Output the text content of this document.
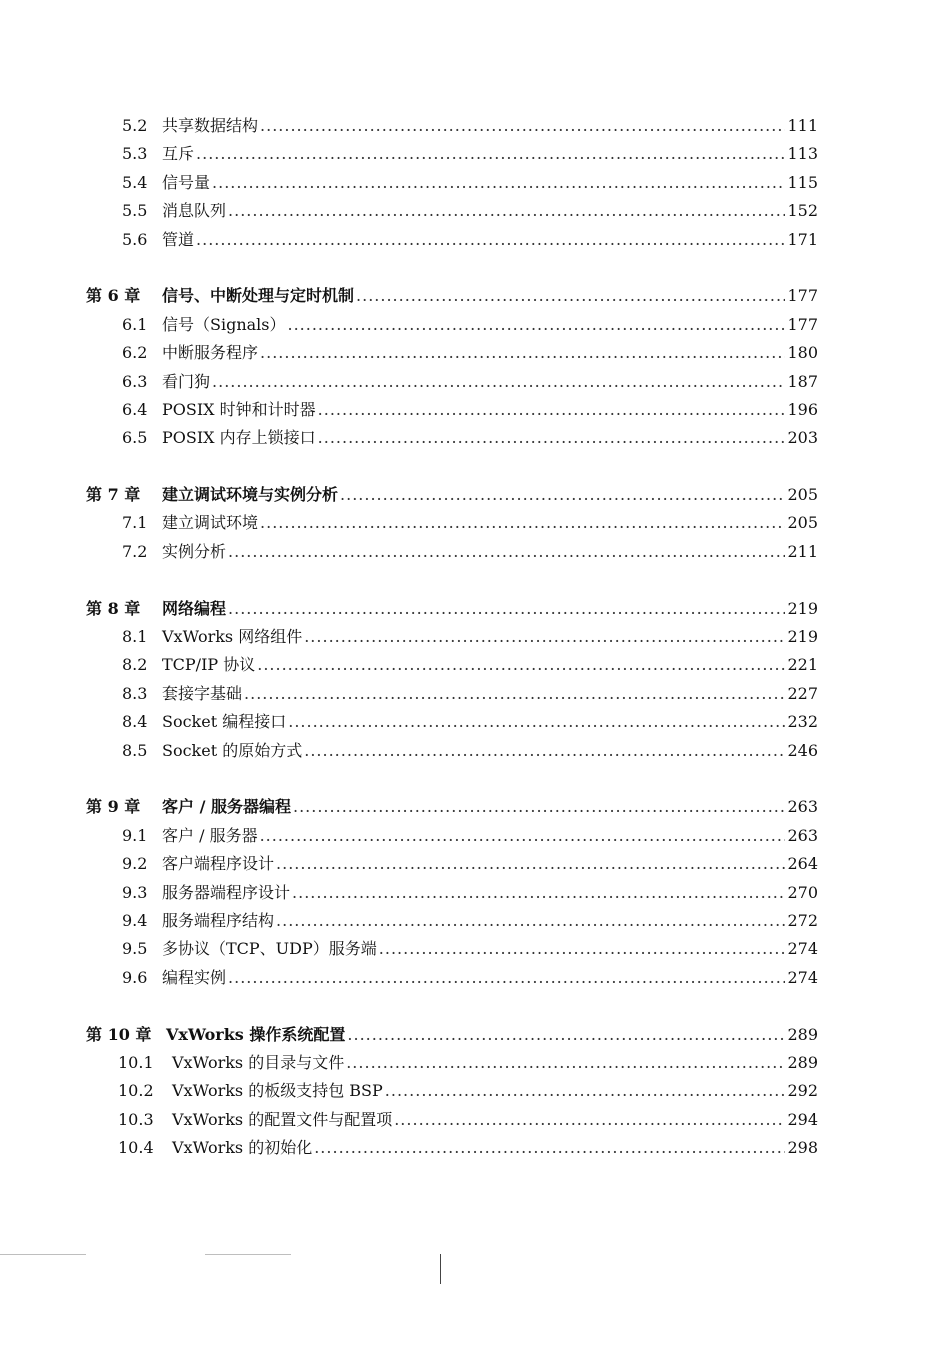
5.2 共享数据结构 .....	111
5.3 互斥 .....	113
5.4 信号量 .....	115
5.5 消息队列 .....	152
5.6 管道 .....	171
第 6 章	信号、中断处理与定时机制 .....	177
6.1 信号（Signals） .....	177
6.2 中断服务程序 .....	180
6.3 看门狗 .....	187
6.4 POSIX 时钟和计时器 .....	196
6.5 POSIX 内存上锁接口 .....	203
第 7 章	建立调试环境与实例分析 .....	205
7.1 建立调试环境 .....	205
7.2 实例分析 .....	211
第 8 章	网络编程 .....	219
8.1 VxWorks 网络组件 .....	219
8.2 TCP/IP 协议 .....	221
8.3 套接字基础 .....	227
8.4 Socket 编程接口 .....	232
8.5 Socket 的原始方式 .....	246
第 9 章	客户 / 服务器编程 .....	263
9.1 客户 / 服务器 .....	263
9.2 客户端程序设计 .....	264
9.3 服务器端程序设计 .....	270
9.4 服务端程序结构 .....	272
9.5 多协议（TCP、UDP）服务端 .....	274
9.6 编程实例 .....	274
第 10 章 VxWorks 操作系统配置 .....	289
10.1	VxWorks 的目录与文件 .....	289
10.2	VxWorks 的板级支持包 BSP .....	292
10.3	VxWorks 的配置文件与配置项 .....	294
10.4	VxWorks 的初始化 .....	298
